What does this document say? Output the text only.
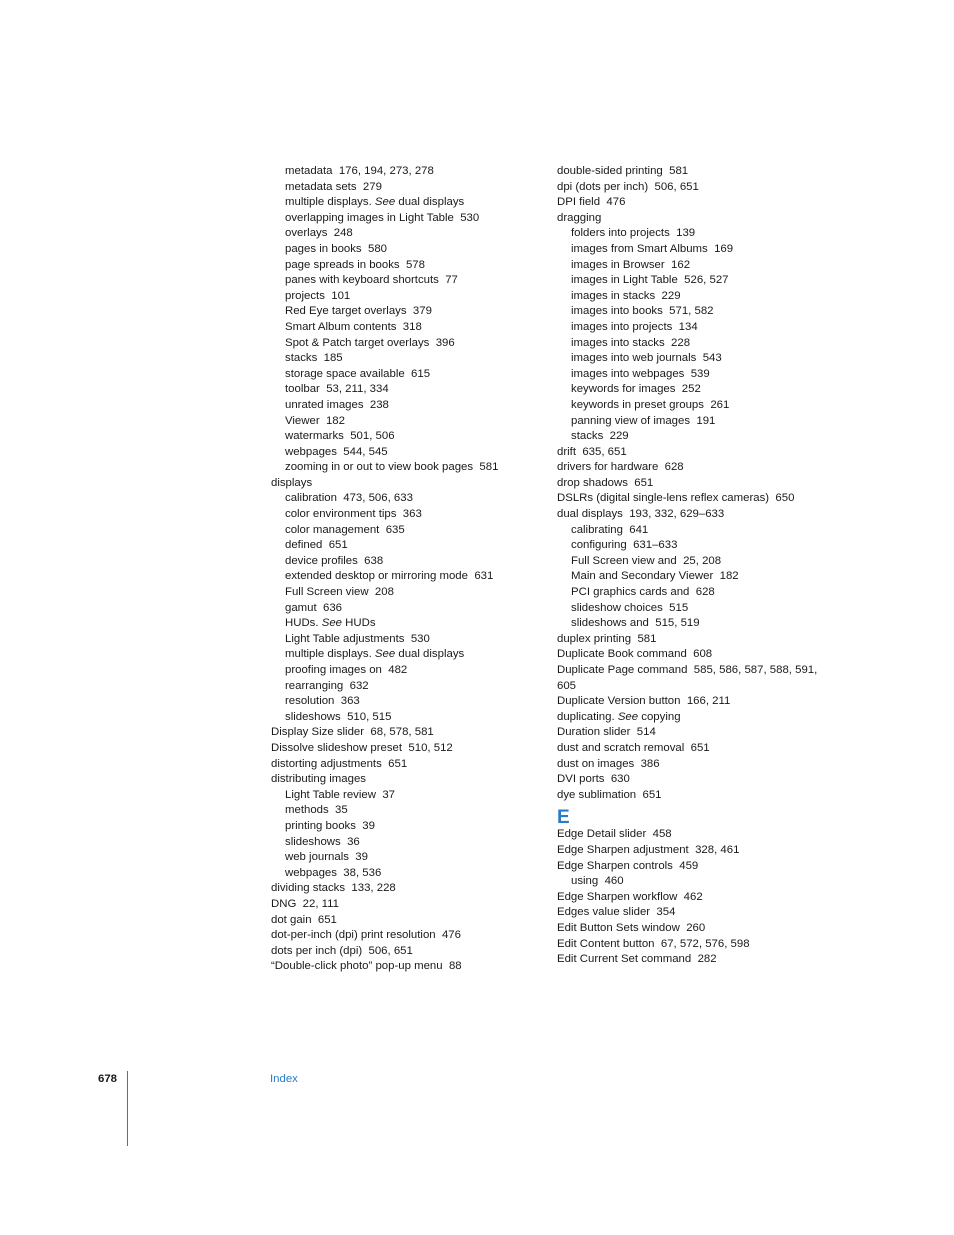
metadata 176, 194, 273, 278
metadata sets 279
multiple displays. See dual displays
overlapping images in Light Table 530
overlays 248
pages in books 580
page spreads in books 578
panes with keyboard shortcuts 77
projects 101
Red Eye target overlays 379
Smart Album contents 318
Spot & Patch target overlays 396
stacks 185
storage space available 615
toolbar 53, 211, 334
unrated images 238
Viewer 182
watermarks 501, 506
webpages 544, 545
zooming in or out to view book pages 581
displays
calibration 473, 506, 633
color environment tips 363
color management 635
defined 651
device profiles 638
extended desktop or mirroring mode 631
Full Screen view 208
gamut 636
HUDs. See HUDs
Light Table adjustments 530
multiple displays. See dual displays
proofing images on 482
rearranging 632
resolution 363
slideshows 510, 515
Display Size slider 68, 578, 581
Dissolve slideshow preset 510, 512
distorting adjustments 651
distributing images
Light Table review 37
methods 35
printing books 39
slideshows 36
web journals 39
webpages 38, 536
dividing stacks 133, 228
DNG 22, 111
dot gain 651
dot-per-inch (dpi) print resolution 476
dots per inch (dpi) 506, 651
“Double-click photo” pop-up menu 88
double-sided printing 581
dpi (dots per inch) 506, 651
DPI field 476
dragging
folders into projects 139
images from Smart Albums 169
images in Browser 162
images in Light Table 526, 527
images in stacks 229
images into books 571, 582
images into projects 134
images into stacks 228
images into web journals 543
images into webpages 539
keywords for images 252
keywords in preset groups 261
panning view of images 191
stacks 229
drift 635, 651
drivers for hardware 628
drop shadows 651
DSLRs (digital single-lens reflex cameras) 650
dual displays 193, 332, 629–633
calibrating 641
configuring 631–633
Full Screen view and 25, 208
Main and Secondary Viewer 182
PCI graphics cards and 628
slideshow choices 515
slideshows and 515, 519
duplex printing 581
Duplicate Book command 608
Duplicate Page command 585, 586, 587, 588, 591, 605
Duplicate Version button 166, 211
duplicating. See copying
Duration slider 514
dust and scratch removal 651
dust on images 386
DVI ports 630
dye sublimation 651
E
Edge Detail slider 458
Edge Sharpen adjustment 328, 461
Edge Sharpen controls 459
using 460
Edge Sharpen workflow 462
Edges value slider 354
Edit Button Sets window 260
Edit Content button 67, 572, 576, 598
Edit Current Set command 282
678	Index
